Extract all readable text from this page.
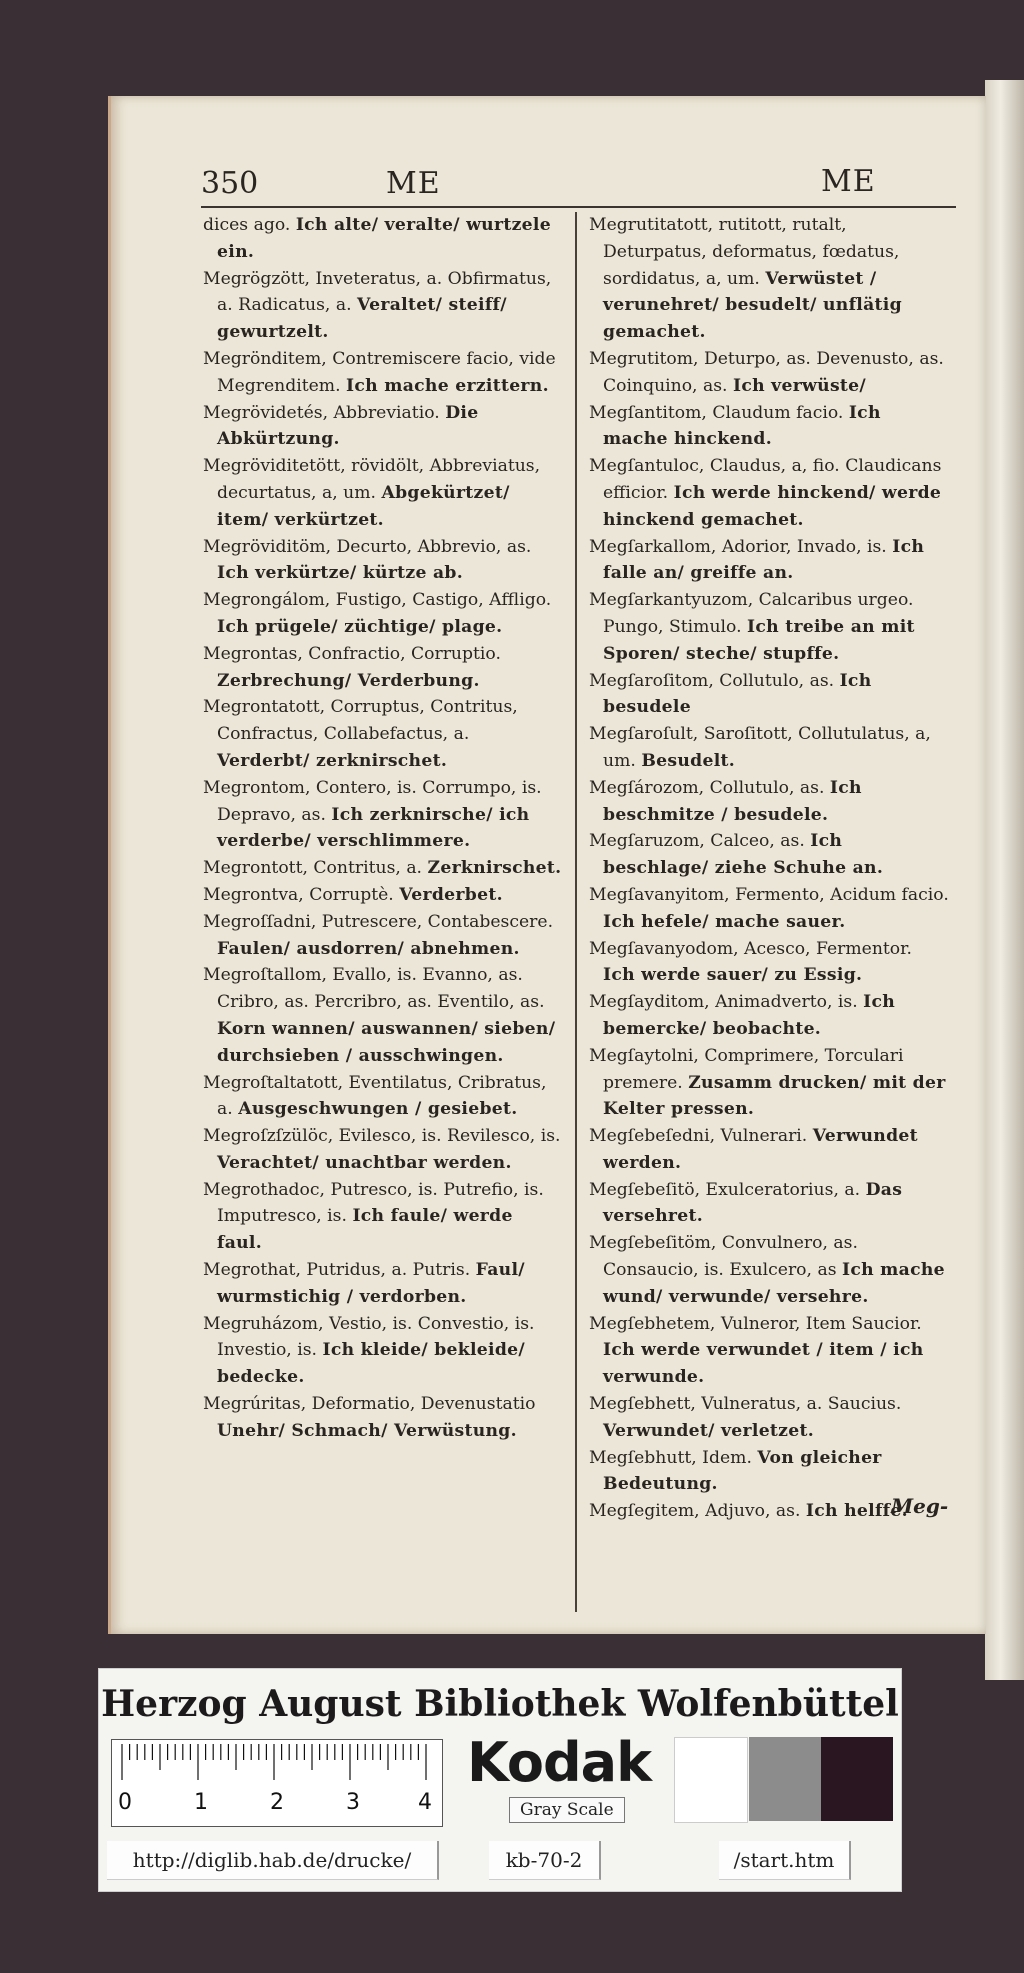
350	ME	ME
dices ago. Ich alte/ veralte/ wurtzele ein.
Megrögzött, Inveteratus, a. Obfirmatus, a. Radicatus, a. Veraltet/ steiff/ gewurtzelt.
Megrönditem, Contremiscere facio, vide Megrenditem. Ich mache erzittern.
Megrövidetés, Abbreviatio. Die Abkürtzung.
Megröviditetött, rövidölt, Abbreviatus, decurtatus, a, um. Abgekürtzet/ item/ verkürtzet.
Megröviditöm, Decurto, Abbrevio, as. Ich verkürtze/ kürtze ab.
Megrongálom, Fustigo, Castigo, Affligo. Ich prügele/ züchtige/ plage.
Megrontas, Confractio, Corruptio. Zerbrechung/ Verderbung.
Megrontatott, Corruptus, Contritus, Confractus, Collabefactus, a. Verderbt/ zerknirschet.
Megrontom, Contero, is. Corrumpo, is. Depravo, as. Ich zerknirsche/ ich verderbe/ verschlimmere.
Megrontott, Contritus, a. Zerknirschet.
Megrontva, Corruptè. Verderbet.
Megroſſadni, Putrescere, Contabescere. Faulen/ ausdorren/ abnehmen.
Megroſtallom, Evallo, is. Evanno, as. Cribro, as. Percribro, as. Eventilo, as. Korn wannen/ auswannen/ sieben/ durchsieben / ausschwingen.
Megroſtaltatott, Eventilatus, Cribratus, a. Ausgeschwungen / gesiebet.
Megroſzſzülöc, Evilesco, is. Revilesco, is. Verachtet/ unachtbar werden.
Megrothadoc, Putresco, is. Putrefio, is. Imputresco, is. Ich faule/ werde faul.
Megrothat, Putridus, a. Putris. Faul/ wurmstichig / verdorben.
Megruházom, Vestio, is. Convestio, is. Investio, is. Ich kleide/ bekleide/ bedecke.
Megrúritas, Deformatio, Devenustatio Unehr/ Schmach/ Verwüstung.
Megrutitatott, rutitott, rutalt, Deturpatus, deformatus, fœdatus, sordidatus, a, um. Verwüstet / verunehret/ besudelt/ unflätig gemachet.
Megrutitom, Deturpo, as. Devenusto, as. Coinquino, as. Ich verwüste/
Megſantitom, Claudum facio. Ich mache hinckend.
Megſantuloc, Claudus, a, fio. Claudicans efficior. Ich werde hinckend/ werde hinckend gemachet.
Megſarkallom, Adorior, Invado, is. Ich falle an/ greiffe an.
Megſarkantyuzom, Calcaribus urgeo. Pungo, Stimulo. Ich treibe an mit Sporen/ steche/ stupffe.
Megſaroſitom, Collutulo, as. Ich besudele
Megſaroſult, Saroſitott, Collutulatus, a, um. Besudelt.
Megſározom, Collutulo, as. Ich beschmitze / besudele.
Megſaruzom, Calceo, as. Ich beschlage/ ziehe Schuhe an.
Megſavanyitom, Fermento, Acidum facio. Ich hefele/ mache sauer.
Megſavanyodom, Acesco, Fermentor. Ich werde sauer/ zu Essig.
Megſayditom, Animadverto, is. Ich bemercke/ beobachte.
Megſaytolni, Comprimere, Torculari premere. Zusamm drucken/ mit der Kelter pressen.
Megſebeſedni, Vulnerari. Verwundet werden.
Megſebeſitö, Exulceratorius, a. Das versehret.
Megſebeſitöm, Convulnero, as. Consaucio, is. Exulcero, as Ich mache wund/ verwunde/ versehre.
Megſebhetem, Vulneror, Item Saucior. Ich werde verwundet / item / ich verwunde.
Megſebhett, Vulneratus, a. Saucius. Verwundet/ verletzet.
Megſebhutt, Idem. Von gleicher Bedeutung.
Megſegitem, Adjuvo, as. Ich helffe.
Meg-
Herzog August Bibliothek Wolfenbüttel
0	1	2	3	4
Kodak
Gray Scale
http://diglib.hab.de/drucke/	kb-70-2	/start.htm
